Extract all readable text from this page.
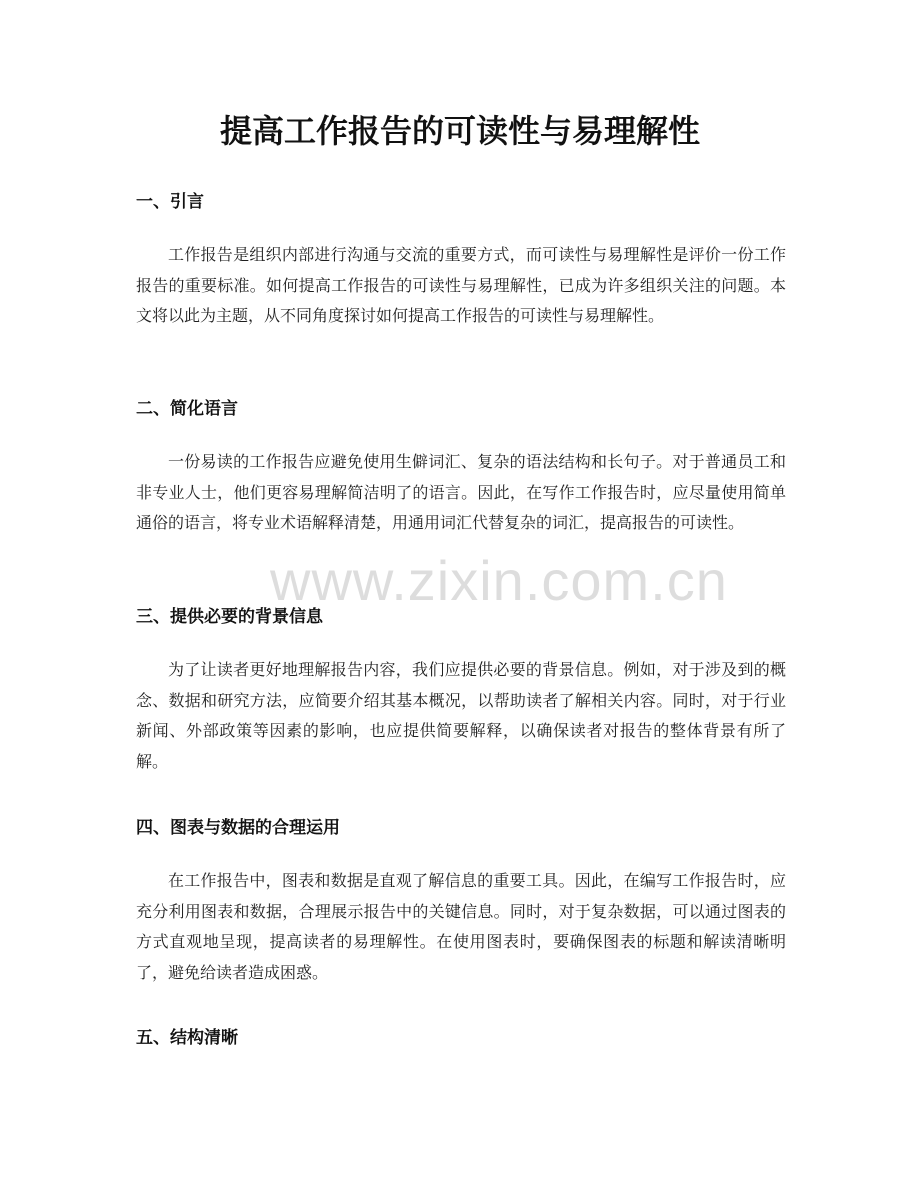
提高工作报告的可读性与易理解性
一、引言

工作报告是组织内部进行沟通与交流的重要方式，而可读性与易理解性是评价一份工作报告的重要标准。如何提高工作报告的可读性与易理解性，已成为许多组织关注的问题。本文将以此为主题，从不同角度探讨如何提高工作报告的可读性与易理解性。

二、简化语言

一份易读的工作报告应避免使用生僻词汇、复杂的语法结构和长句子。对于普通员工和非专业人士，他们更容易理解简洁明了的语言。因此，在写作工作报告时，应尽量使用简单通俗的语言，将专业术语解释清楚，用通用词汇代替复杂的词汇，提高报告的可读性。

三、提供必要的背景信息

为了让读者更好地理解报告内容，我们应提供必要的背景信息。例如，对于涉及到的概念、数据和研究方法，应简要介绍其基本概况，以帮助读者了解相关内容。同时，对于行业新闻、外部政策等因素的影响，也应提供简要解释，以确保读者对报告的整体背景有所了解。

四、图表与数据的合理运用

在工作报告中，图表和数据是直观了解信息的重要工具。因此，在编写工作报告时，应充分利用图表和数据，合理展示报告中的关键信息。同时，对于复杂数据，可以通过图表的方式直观地呈现，提高读者的易理解性。在使用图表时，要确保图表的标题和解读清晰明了，避免给读者造成困惑。

五、结构清晰
www.zixin.com.cn
